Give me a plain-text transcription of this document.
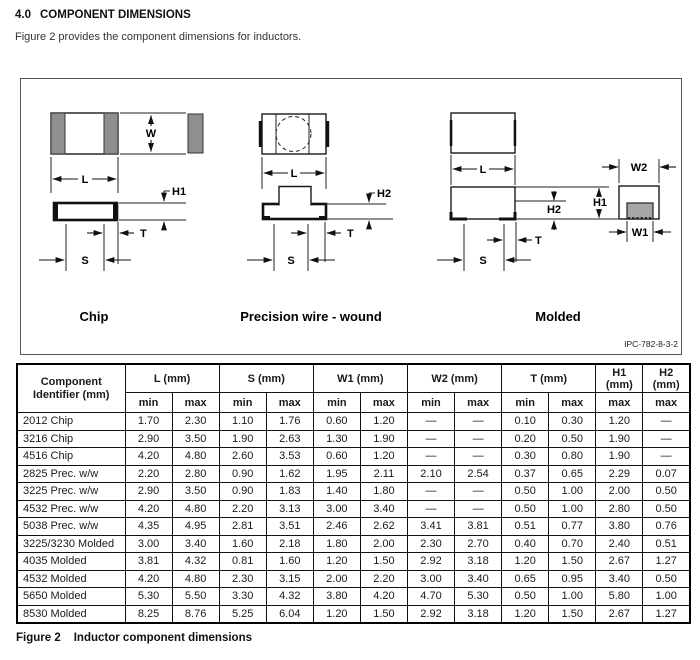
4.0 COMPONENT DIMENSIONS
Figure 2 provides the component dimensions for inductors.
W
L
H1
T
S
Chip
L
H2
T
S
Precision wire - wound
L
H2
H1
W2
W1
T
S
Molded
IPC-782-8-3-2
Component
Identifier (mm)	L (mm)		S (mm)		W1 (mm)		W2 (mm)		T (mm)		H1 (mm)	H2 (mm)
	min	max	min	max	min	max	min	max	min	max	max	max
2012 Chip	1.70	2.30	1.10	1.76	0.60	1.20	—	—	0.10	0.30	1.20	—
3216 Chip	2.90	3.50	1.90	2.63	1.30	1.90	—	—	0.20	0.50	1.90	—
4516 Chip	4.20	4.80	2.60	3.53	0.60	1.20	—	—	0.30	0.80	1.90	—
2825 Prec. w/w	2.20	2.80	0.90	1.62	1.95	2.11	2.10	2.54	0.37	0.65	2.29	0.07
3225 Prec. w/w	2.90	3.50	0.90	1.83	1.40	1.80	—	—	0.50	1.00	2.00	0.50
4532 Prec. w/w	4.20	4.80	2.20	3.13	3.00	3.40	—	—	0.50	1.00	2.80	0.50
5038 Prec. w/w	4.35	4.95	2.81	3.51	2.46	2.62	3.41	3.81	0.51	0.77	3.80	0.76
3225/3230 Molded	3.00	3.40	1.60	2.18	1.80	2.00	2.30	2.70	0.40	0.70	2.40	0.51
4035 Molded	3.81	4.32	0.81	1.60	1.20	1.50	2.92	3.18	1.20	1.50	2.67	1.27
4532 Molded	4.20	4.80	2.30	3.15	2.00	2.20	3.00	3.40	0.65	0.95	3.40	0.50
5650 Molded	5.30	5.50	3.30	4.32	3.80	4.20	4.70	5.30	0.50	1.00	5.80	1.00
8530 Molded	8.25	8.76	5.25	6.04	1.20	1.50	2.92	3.18	1.20	1.50	2.67	1.27
Figure 2 Inductor component dimensions
